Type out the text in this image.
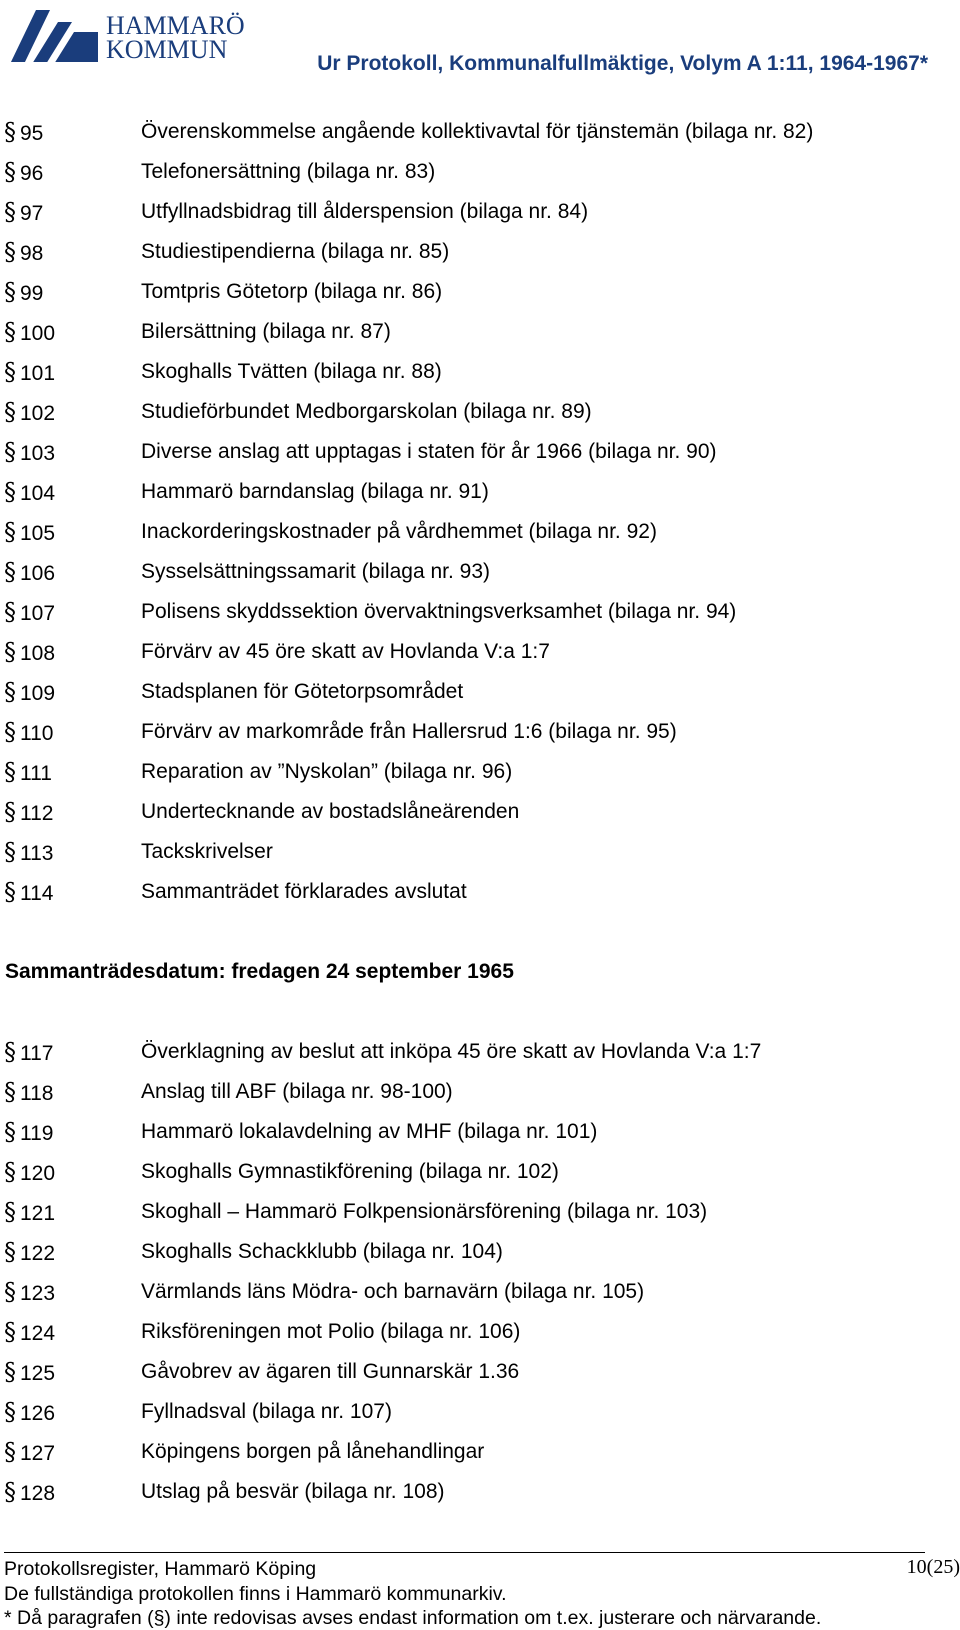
HAMMARÖ
KOMMUN	Ur Protokoll, Kommunalfullmäktige, Volym A 1:11, 1964-1967*
§ 95	Överenskommelse angående kollektivavtal för tjänstemän (bilaga nr. 82)
§ 96	Telefonersättning (bilaga nr. 83)
§ 97	Utfyllnadsbidrag till ålderspension (bilaga nr. 84)
§ 98	Studiestipendierna (bilaga nr. 85)
§ 99	Tomtpris Götetorp (bilaga nr. 86)
§ 100	Bilersättning (bilaga nr. 87)
§ 101	Skoghalls Tvätten (bilaga nr. 88)
§ 102	Studieförbundet Medborgarskolan (bilaga nr. 89)
§ 103	Diverse anslag att upptagas i staten för år 1966 (bilaga nr. 90)
§ 104	Hammarö barndanslag (bilaga nr. 91)
§ 105	Inackorderingskostnader på vårdhemmet (bilaga nr. 92)
§ 106	Sysselsättningssamarit (bilaga nr. 93)
§ 107	Polisens skyddssektion övervaktningsverksamhet (bilaga nr. 94)
§ 108	Förvärv av 45 öre skatt av Hovlanda V:a 1:7
§ 109	Stadsplanen för Götetorpsområdet
§ 110	Förvärv av markområde från Hallersrud 1:6 (bilaga nr. 95)
§ 111	Reparation av ”Nyskolan” (bilaga nr. 96)
§ 112	Undertecknande av bostadslåneärenden
§ 113	Tackskrivelser
§ 114	Sammanträdet förklarades avslutat
Sammanträdesdatum: fredagen 24 september 1965
§ 117	Överklagning av beslut att inköpa 45 öre skatt av Hovlanda V:a 1:7
§ 118	Anslag till ABF (bilaga nr. 98-100)
§ 119	Hammarö lokalavdelning av MHF (bilaga nr. 101)
§ 120	Skoghalls Gymnastikförening (bilaga nr. 102)
§ 121	Skoghall – Hammarö Folkpensionärsförening (bilaga nr. 103)
§ 122	Skoghalls Schackklubb (bilaga nr. 104)
§ 123	Värmlands läns Mödra- och barnavärn (bilaga nr. 105)
§ 124	Riksföreningen mot Polio (bilaga nr. 106)
§ 125	Gåvobrev av ägaren till Gunnarskär 1.36
§ 126	Fyllnadsval (bilaga nr. 107)
§ 127	Köpingens borgen på lånehandlingar
§ 128	Utslag på besvär (bilaga nr. 108)
Protokollsregister, Hammarö Köping
De fullständiga protokollen finns i Hammarö kommunarkiv.
* Då paragrafen (§) inte redovisas avses endast information om t.ex. justerare och närvarande.
10(25)
